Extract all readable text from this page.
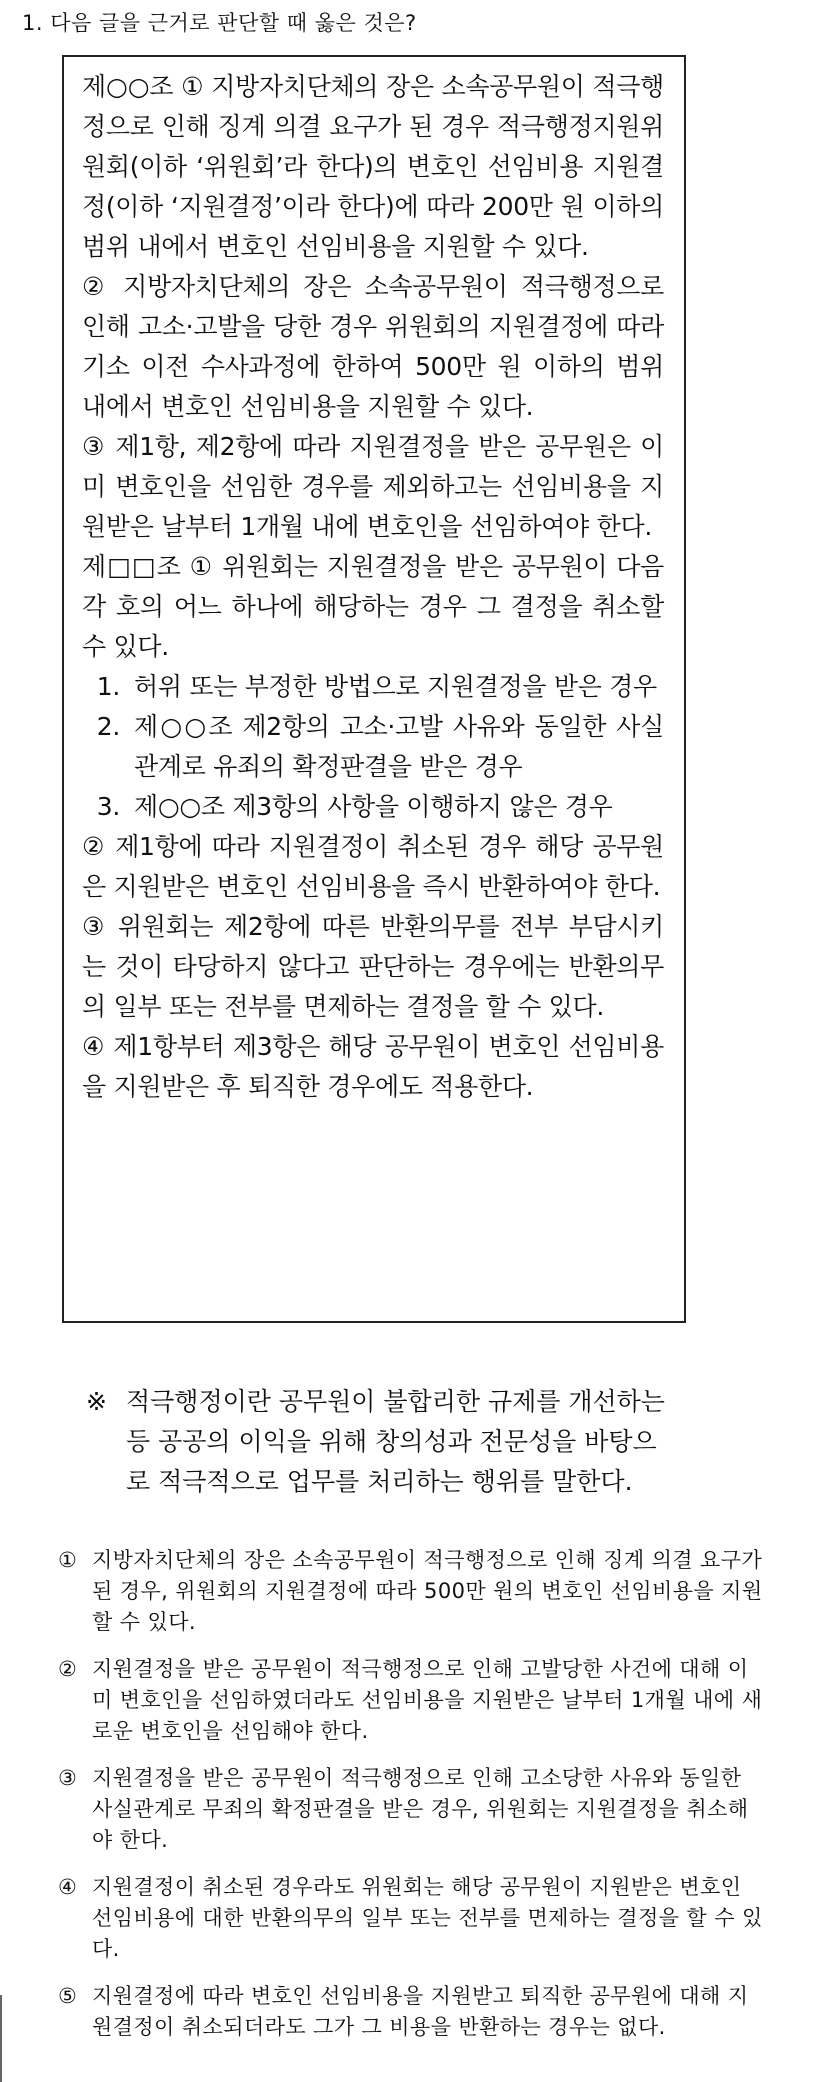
1. 다음 글을 근거로 판단할 때 옳은 것은?

제○○조 ① 지방자치단체의 장은 소속공무원이 적극행정으로 인해 징계 의결 요구가 된 경우 적극행정지원위원회(이하 ‘위원회’라 한다)의 변호인 선임비용 지원결정(이하 ‘지원결정’이라 한다)에 따라 200만 원 이하의 범위 내에서 변호인 선임비용을 지원할 수 있다.

② 지방자치단체의 장은 소속공무원이 적극행정으로 인해 고소·고발을 당한 경우 위원회의 지원결정에 따라 기소 이전 수사과정에 한하여 500만 원 이하의 범위 내에서 변호인 선임비용을 지원할 수 있다.

③ 제1항, 제2항에 따라 지원결정을 받은 공무원은 이미 변호인을 선임한 경우를 제외하고는 선임비용을 지원받은 날부터 1개월 내에 변호인을 선임하여야 한다.

제□□조 ① 위원회는 지원결정을 받은 공무원이 다음 각 호의 어느 하나에 해당하는 경우 그 결정을 취소할 수 있다.

1. 허위 또는 부정한 방법으로 지원결정을 받은 경우
2. 제○○조 제2항의 고소·고발 사유와 동일한 사실관계로 유죄의 확정판결을 받은 경우
3. 제○○조 제3항의 사항을 이행하지 않은 경우

② 제1항에 따라 지원결정이 취소된 경우 해당 공무원은 지원받은 변호인 선임비용을 즉시 반환하여야 한다.

③ 위원회는 제2항에 따른 반환의무를 전부 부담시키는 것이 타당하지 않다고 판단하는 경우에는 반환의무의 일부 또는 전부를 면제하는 결정을 할 수 있다.

④ 제1항부터 제3항은 해당 공무원이 변호인 선임비용을 지원받은 후 퇴직한 경우에도 적용한다.

※ 적극행정이란 공무원이 불합리한 규제를 개선하는 등 공공의 이익을 위해 창의성과 전문성을 바탕으로 적극적으로 업무를 처리하는 행위를 말한다.
① 지방자치단체의 장은 소속공무원이 적극행정으로 인해 징계 의결 요구가 된 경우, 위원회의 지원결정에 따라 500만 원의 변호인 선임비용을 지원할 수 있다.
② 지원결정을 받은 공무원이 적극행정으로 인해 고발당한 사건에 대해 이미 변호인을 선임하였더라도 선임비용을 지원받은 날부터 1개월 내에 새로운 변호인을 선임해야 한다.
③ 지원결정을 받은 공무원이 적극행정으로 인해 고소당한 사유와 동일한 사실관계로 무죄의 확정판결을 받은 경우, 위원회는 지원결정을 취소해야 한다.
④ 지원결정이 취소된 경우라도 위원회는 해당 공무원이 지원받은 변호인 선임비용에 대한 반환의무의 일부 또는 전부를 면제하는 결정을 할 수 있다.
⑤ 지원결정에 따라 변호인 선임비용을 지원받고 퇴직한 공무원에 대해 지원결정이 취소되더라도 그가 그 비용을 반환하는 경우는 없다.
